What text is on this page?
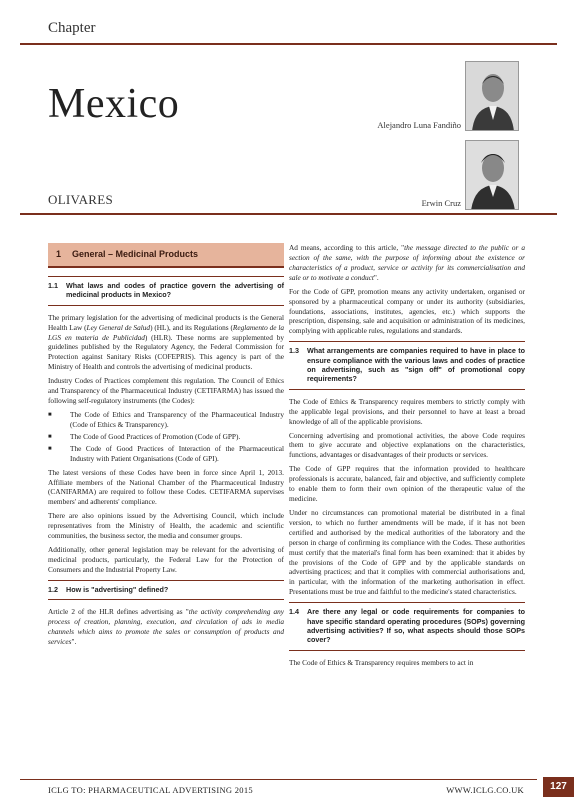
Chapter
Mexico	Alejandro Luna Fandiño
Erwin Cruz
OLIVARES
1 General – Medicinal Products
1.1	What laws and codes of practice govern the advertising of medicinal products in Mexico?

The primary legislation for the advertising of medicinal products is the General Health Law (Ley General de Salud) (HL), and its Regulations (Reglamento de la LGS en materia de Publicidad) (HLR). These norms are supplemented by guidelines published by the Regulatory Agency, the Federal Commission for Protection against Sanitary Risks (COFEPRIS). This agency is part of the Ministry of Health and controls the advertising of medicinal products.

Industry Codes of Practices complement this regulation. The Council of Ethics and Transparency of the Pharmaceutical Industry (CETIFARMA) has issued the following self-regulatory instruments (the Codes):

■	The Code of Ethics and Transparency of the Pharmaceutical Industry (Code of Ethics & Transparency).
■	The Code of Good Practices of Promotion (Code of GPP).
■	The Code of Good Practices of Interaction of the Pharmaceutical Industry with Patient Organisations (Code of GPI).

The latest versions of these Codes have been in force since April 1, 2013. Affiliate members of the National Chamber of the Pharmaceutical Industry (CANIFARMA) are required to follow these Codes. CETIFARMA supervises members' and adherents' compliance.

There are also opinions issued by the Advertising Council, which include representatives from the Ministry of Health, the academic and scientific communities, the business sector, the media and consumer groups.

Additionally, other general legislation may be relevant for the advertising of medicinal products, particularly, the Federal Law for the Protection of Consumers and the Industrial Property Law.

1.2	How is "advertising" defined?

Article 2 of the HLR defines advertising as "the activity comprehending any process of creation, planning, execution, and circulation of ads in media channels which aims to promote the sales or consumption of products and services".

Ad means, according to this article, "the message directed to the public or a section of the same, with the purpose of informing about the existence or characteristics of a product, service or activity for its commercialisation and sale or to motivate a conduct".

For the Code of GPP, promotion means any activity undertaken, organised or sponsored by a pharmaceutical company or under its authority (subsidiaries, foundations, associations, institutes, agencies, etc.) which supports the prescription, dispensing, sale and acquisition or administration of its medicines, complying with applicable rules, regulations and standards.

1.3	What arrangements are companies required to have in place to ensure compliance with the various laws and codes of practice on advertising, such as "sign off" of promotional copy requirements?

The Code of Ethics & Transparency requires members to strictly comply with the applicable legal provisions, and their personnel to have at least a broad knowledge of all of the applicable provisions.

Concerning advertising and promotional activities, the above Code requires them to give accurate and objective explanations on the characteristics, functions, advantages or disadvantages of their products or services.

The Code of GPP requires that the information provided to healthcare professionals is accurate, balanced, fair and objective, and sufficiently complete to enable them to form their own opinion of the therapeutic value of the medicine.

Under no circumstances can promotional material be distributed in a final version, to which no further amendments will be made, if it has not been certified and authorised by the medical authorities of the laboratory and the person in charge of confirming its compliance with the Codes. These authorities must certify that the material's final form has been examined: that it abides by the provisions of the Code of GPP and by the applicable standards on advertising practices; and that it complies with commercial authorisations and, in particular, with the information of the marketing authorisation in effect. Presentations must be true and faithful to the medicine's stated characteristics.

1.4	Are there any legal or code requirements for companies to have specific standard operating procedures (SOPs) governing advertising activities? If so, what aspects should those SOPs cover?

The Code of Ethics & Transparency requires members to act in

ICLG TO: PHARMACEUTICAL ADVERTISING 2015	WWW.ICLG.CO.UK	127
